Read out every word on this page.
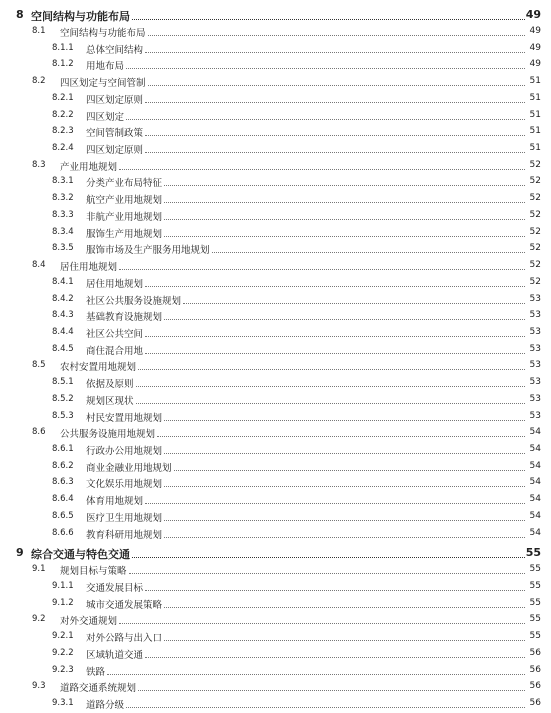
8 空间结构与功能布局	49
8.1 空间结构与功能布局	49
8.1.1 总体空间结构	49
8.1.2 用地布局	49
8.2 四区划定与空间管制	51
8.2.1 四区划定原则	51
8.2.2 四区划定	51
8.2.3 空间管制政策	51
8.2.4 四区划定原则	51
8.3 产业用地规划	52
8.3.1 分类产业布局特征	52
8.3.2 航空产业用地规划	52
8.3.3 非航产业用地规划	52
8.3.4 服饰生产用地规划	52
8.3.5 服饰市场及生产服务用地规划	52
8.4 居住用地规划	52
8.4.1 居住用地规划	52
8.4.2 社区公共服务设施规划	53
8.4.3 基础教育设施规划	53
8.4.4 社区公共空间	53
8.4.5 商住混合用地	53
8.5 农村安置用地规划	53
8.5.1 依据及原则	53
8.5.2 规划区现状	53
8.5.3 村民安置用地规划	53
8.6 公共服务设施用地规划	54
8.6.1 行政办公用地规划	54
8.6.2 商业金融业用地规划	54
8.6.3 文化娱乐用地规划	54
8.6.4 体育用地规划	54
8.6.5 医疗卫生用地规划	54
8.6.6 教育科研用地规划	54
9 综合交通与特色交通	55
9.1 规划目标与策略	55
9.1.1 交通发展目标	55
9.1.2 城市交通发展策略	55
9.2 对外交通规划	55
9.2.1 对外公路与出入口	55
9.2.2 区域轨道交通	56
9.2.3 铁路	56
9.3 道路交通系统规划	56
9.3.1 道路分级	56
